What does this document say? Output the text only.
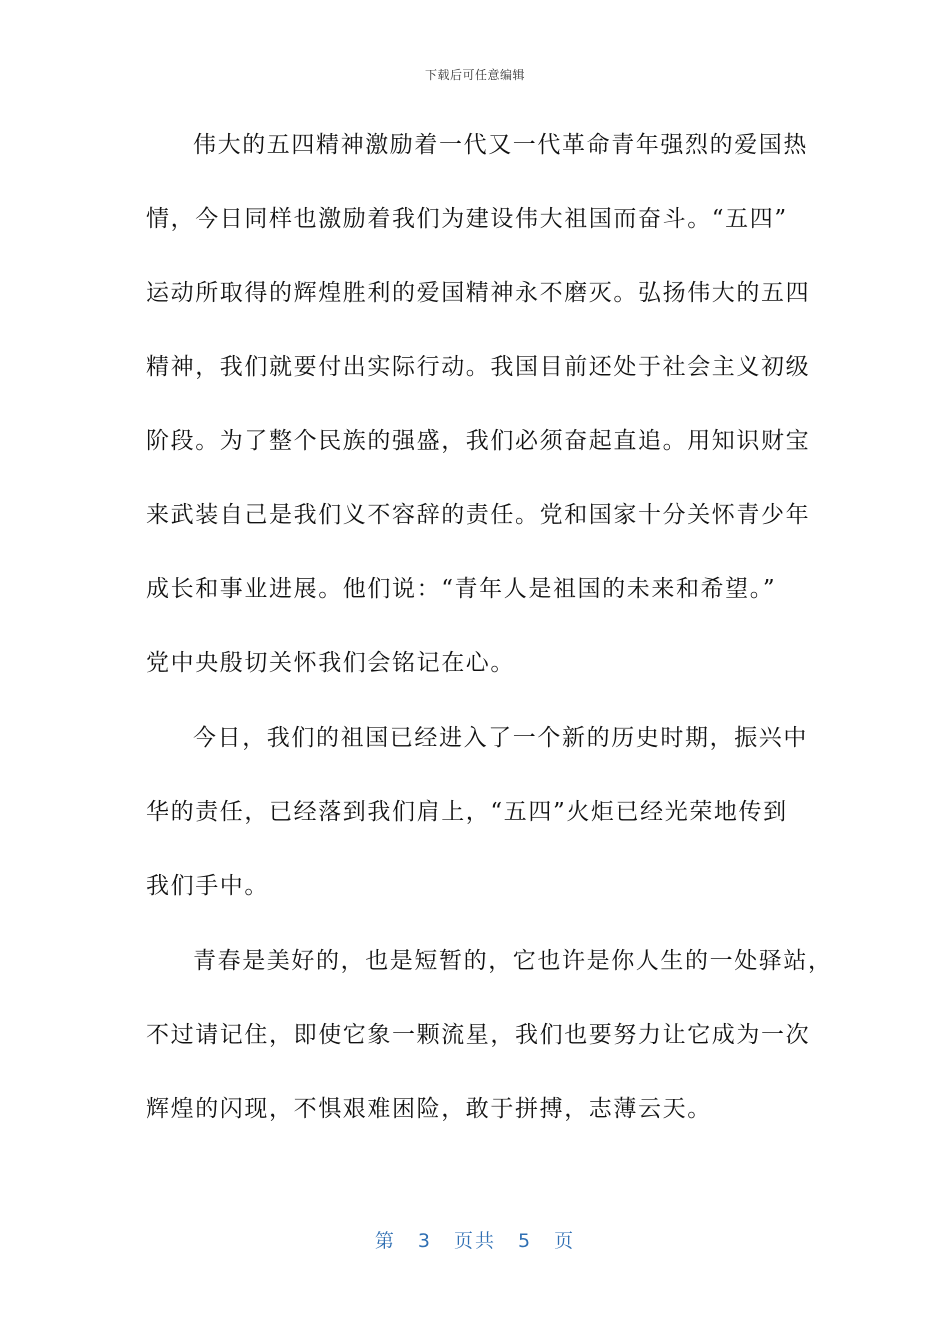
下载后可任意编辑
伟大的五四精神激励着一代又一代革命青年强烈的爱国热
情，今日同样也激励着我们为建设伟大祖国而奋斗。“五四”
运动所取得的辉煌胜利的爱国精神永不磨灭。弘扬伟大的五四
精神，我们就要付出实际行动。我国目前还处于社会主义初级
阶段。为了整个民族的强盛，我们必须奋起直追。用知识财宝
来武装自己是我们义不容辞的责任。党和国家十分关怀青少年
成长和事业进展。他们说：“青年人是祖国的未来和希望。”
党中央殷切关怀我们会铭记在心。
今日，我们的祖国已经进入了一个新的历史时期，振兴中
华的责任，已经落到我们肩上，“五四”火炬已经光荣地传到
我们手中。
青春是美好的，也是短暂的，它也许是你人生的一处驿站，
不过请记住，即使它象一颗流星，我们也要努力让它成为一次
辉煌的闪现，不惧艰难困险，敢于拼搏，志薄云天。
第 3 页共 5 页
